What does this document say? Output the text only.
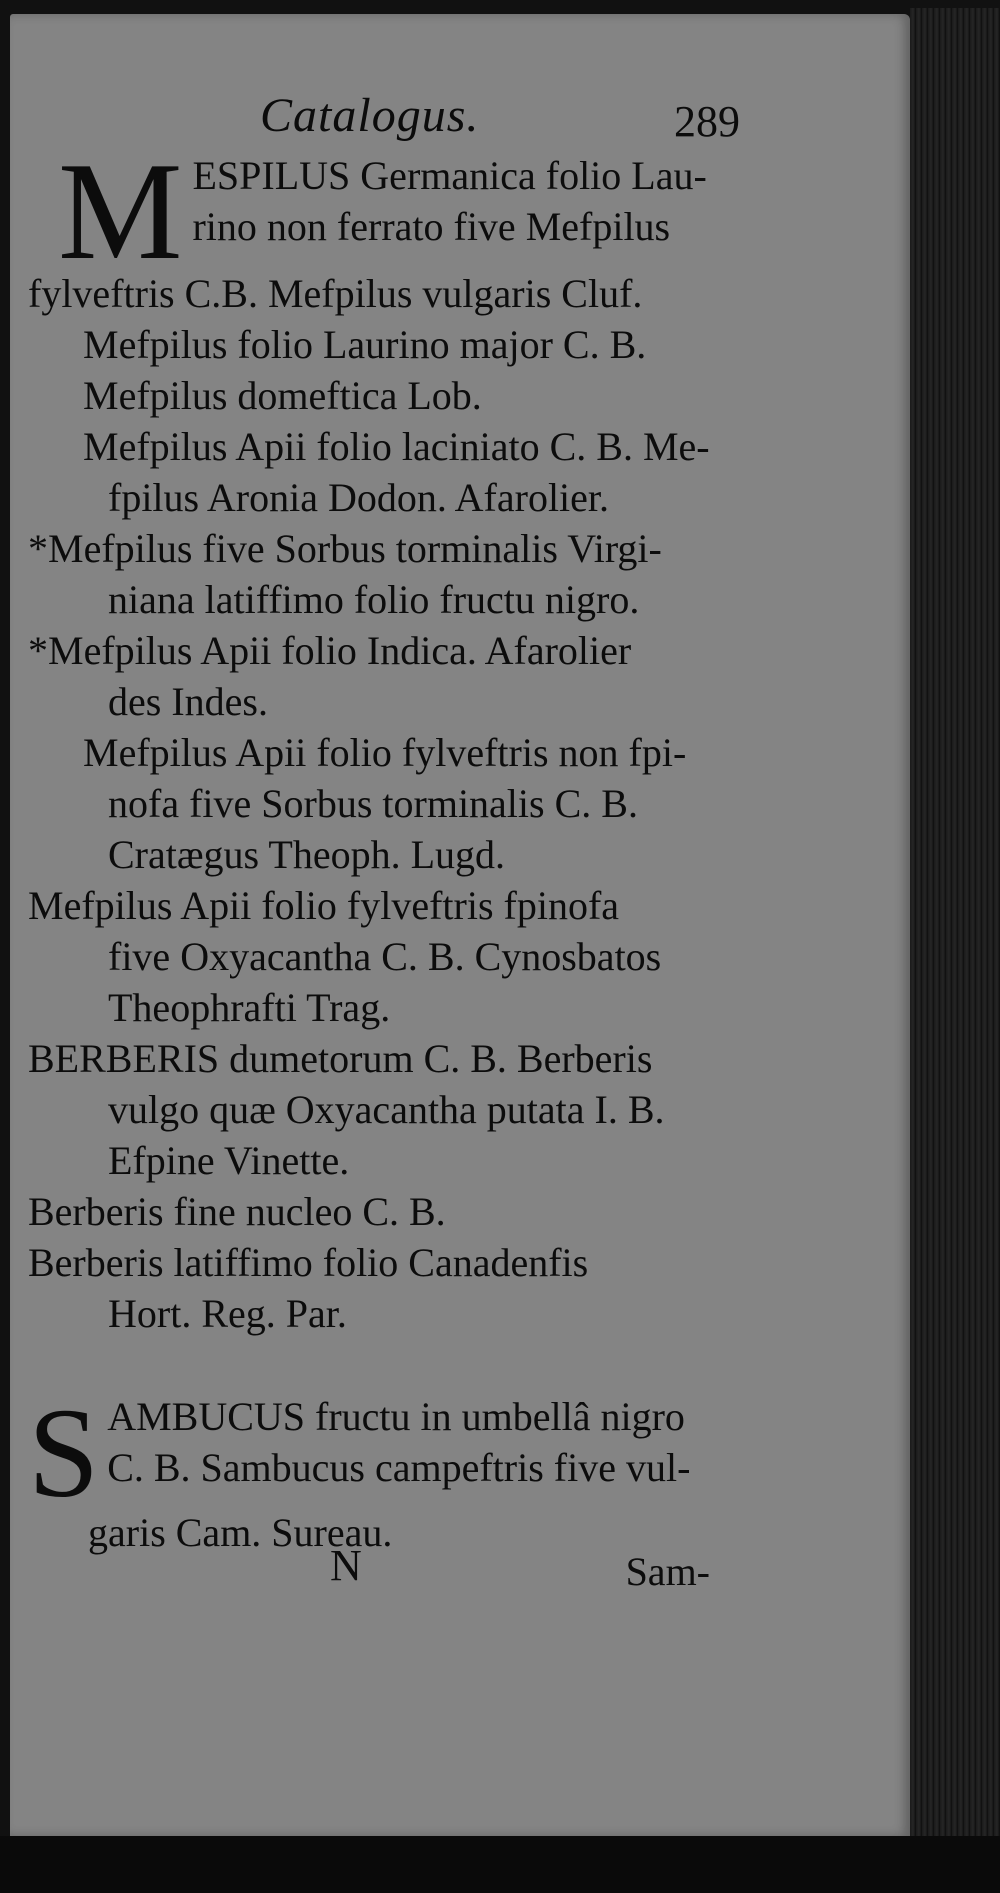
Catalogus.	289
M ESPILUS Germanica folio Lau-
rino non ferrato five Mefpilus
fylveftris C.B. Mefpilus vulgaris Cluf.
Mefpilus folio Laurino major C. B.
Mefpilus domeftica Lob.
Mefpilus Apii folio laciniato C. B. Me-
fpilus Aronia Dodon. Afarolier.
*Mefpilus five Sorbus torminalis Virgi-
niana latiffimo folio fructu nigro.
*Mefpilus Apii folio Indica. Afarolier
des Indes.
Mefpilus Apii folio fylveftris non fpi-
nofa five Sorbus torminalis C. B.
Cratægus Theoph. Lugd.
Mefpilus Apii folio fylveftris fpinofa
five Oxyacantha C. B. Cynosbatos
Theophrafti Trag.
BERBERIS dumetorum C. B. Berberis
vulgo quæ Oxyacantha putata I. B.
Efpine Vinette.
Berberis fine nucleo C. B.
Berberis latiffimo folio Canadenfis
Hort. Reg. Par.
S AMBUCUS fructu in umbellâ nigro
C. B. Sambucus campeftris five vul-
garis Cam. Sureau.
N	Sam-
